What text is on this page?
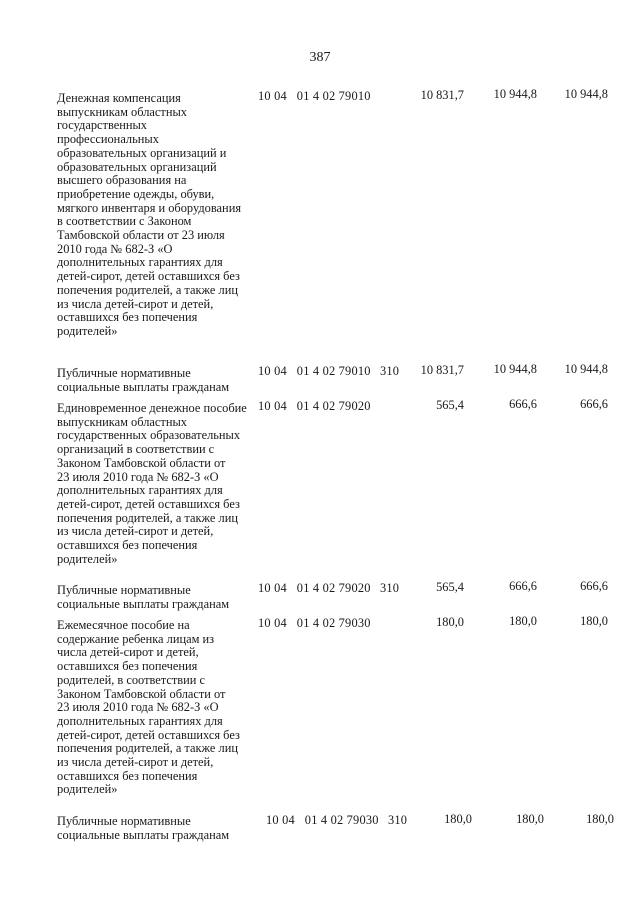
387
Денежная компенсация
выпускникам областных
государственных
профессиональных
образовательных организаций и
образовательных организаций
высшего образования на
приобретение одежды, обуви,
мягкого инвентаря и оборудования
в соответствии с Законом
Тамбовской области от 23 июля
2010 года № 682-З «О
дополнительных гарантиях для
детей-сирот, детей оставшихся без
попечения родителей, а также лиц
из числа детей-сирот и детей,
оставшихся без попечения
родителей»
10 04 01 4 02 79010	10 831,7	10 944,8	10 944,8
Публичные нормативные
социальные выплаты гражданам
10 04 01 4 02 79010 310	10 831,7	10 944,8	10 944,8
Единовременное денежное пособие
выпускникам областных
государственных образовательных
организаций в соответствии с
Законом Тамбовской области от
23 июля 2010 года № 682-З «О
дополнительных гарантиях для
детей-сирот, детей оставшихся без
попечения родителей, а также лиц
из числа детей-сирот и детей,
оставшихся без попечения
родителей»
10 04 01 4 02 79020	565,4	666,6	666,6
Публичные нормативные
социальные выплаты гражданам
10 04 01 4 02 79020 310	565,4	666,6	666,6
Ежемесячное пособие на
содержание ребенка лицам из
числа детей-сирот и детей,
оставшихся без попечения
родителей, в соответствии с
Законом Тамбовской области от
23 июля 2010 года № 682-З «О
дополнительных гарантиях для
детей-сирот, детей оставшихся без
попечения родителей, а также лиц
из числа детей-сирот и детей,
оставшихся без попечения
родителей»
10 04 01 4 02 79030	180,0	180,0	180,0
Публичные нормативные
социальные выплаты гражданам
10 04 01 4 02 79030 310	180,0	180,0	180,0
